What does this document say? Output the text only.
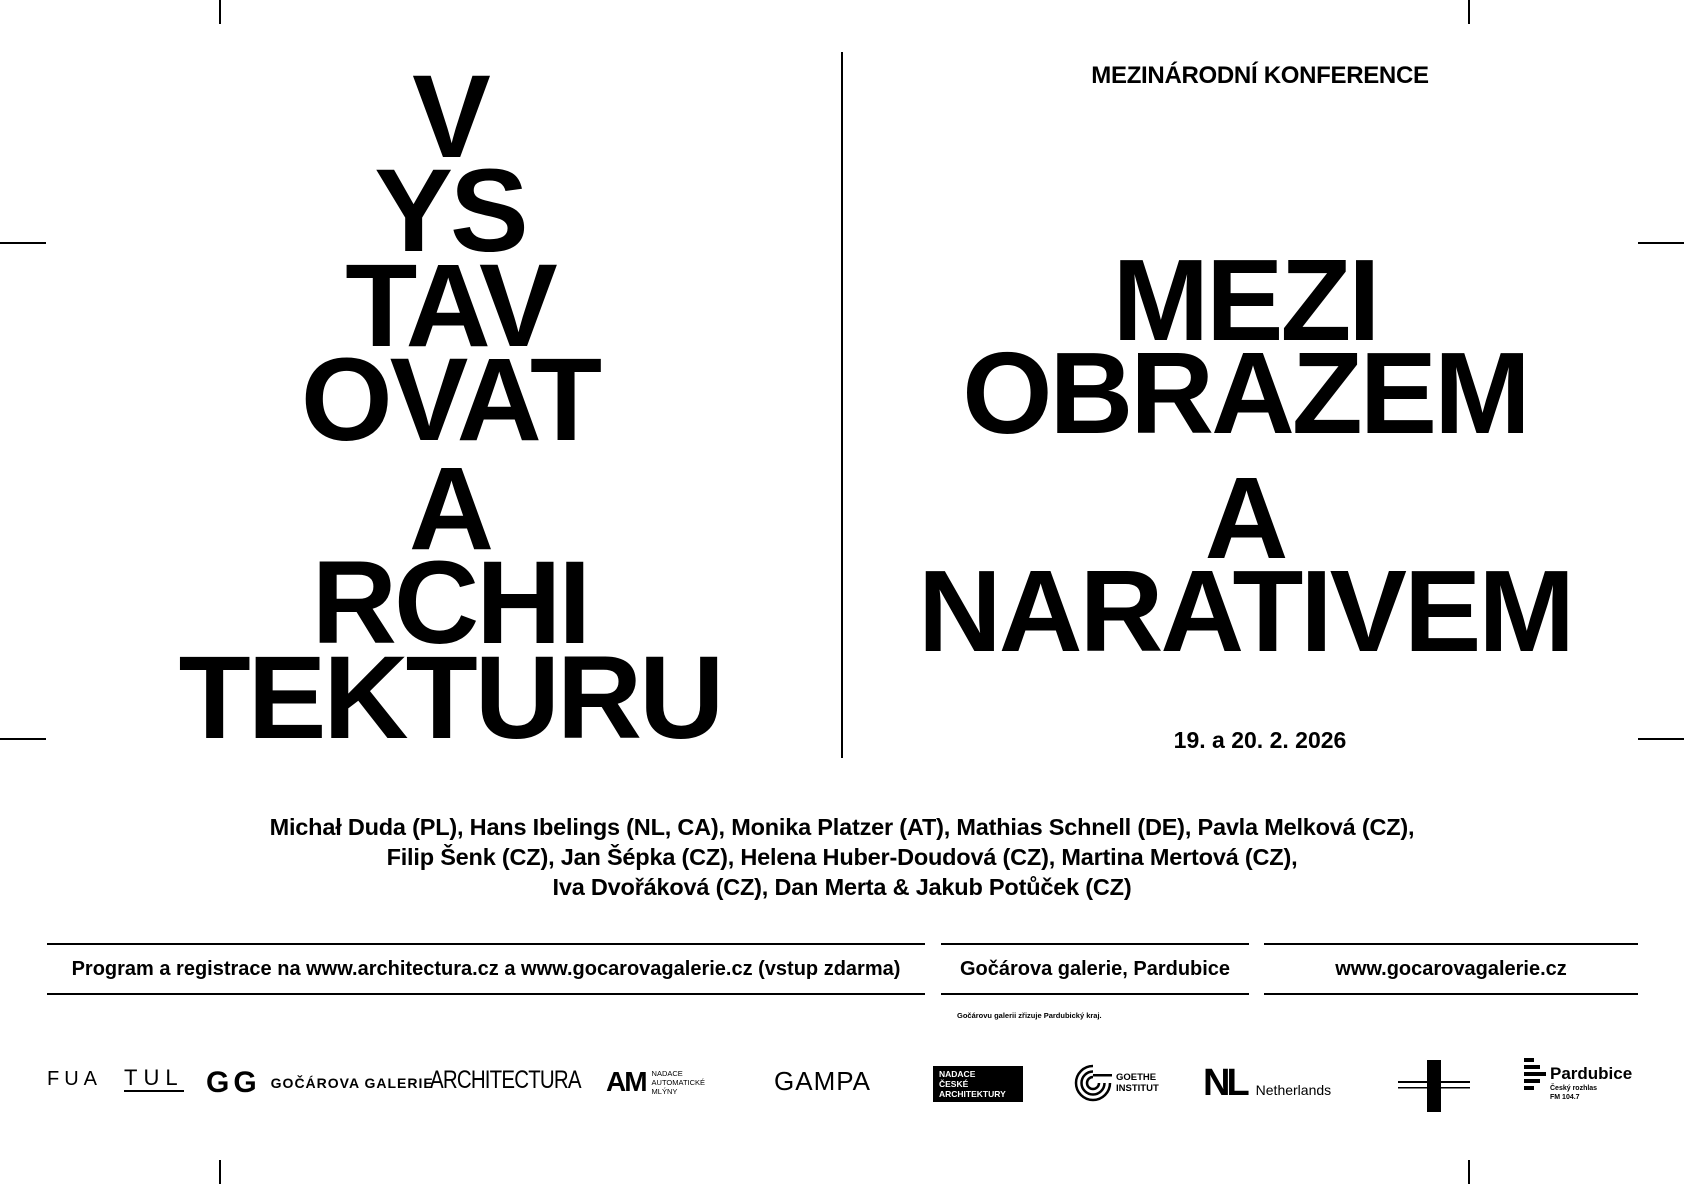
V
YS
TAV
OVAT
A
RCHI
TEKTURU
MEZINÁRODNÍ KONFERENCE
MEZI
OBRAZEM
A
NARATIVEM
19. a 20. 2. 2026
Michał Duda (PL), Hans Ibelings (NL, CA), Monika Platzer (AT), Mathias Schnell (DE), Pavla Melková (CZ),
Filip Šenk (CZ), Jan Šépka (CZ), Helena Huber-Doudová (CZ), Martina Mertová (CZ),
Iva Dvořáková (CZ), Dan Merta & Jakub Potůček (CZ)
Program a registrace na www.architectura.cz a www.gocarovagalerie.cz (vstup zdarma)	Gočárova galerie, Pardubice	www.gocarovagalerie.cz
Gočárovu galerii zřizuje Pardubický kraj.
FUA TUL GG GOČÁROVA GALERIE
ARCHITECTURA AM NADACE
AUTOMATICKÉ
MLÝNY	GAMPA	NADACE
ČESKÉ
ARCHITEKTURY
GOETHE
INSTITUT NL Netherlands
Pardubice
Český rozhlas
FM 104.7
